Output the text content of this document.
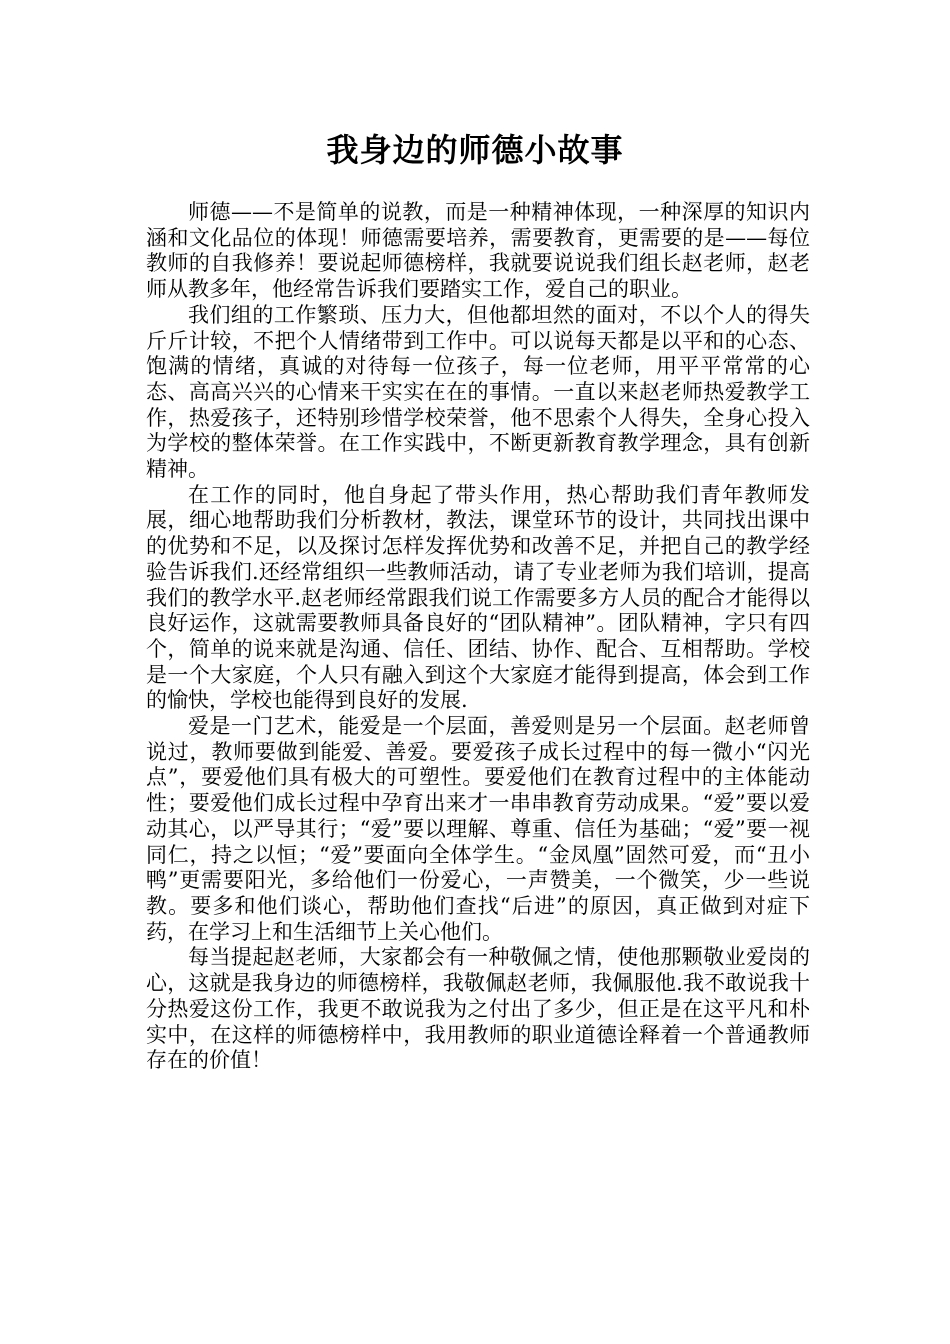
我身边的师德小故事

师德——不是简单的说教，而是一种精神体现，一种深厚的知识内涵和文化品位的体现！师德需要培养，需要教育，更需要的是——每位教师的自我修养！要说起师德榜样，我就要说说我们组长赵老师，赵老师从教多年，他经常告诉我们要踏实工作，爱自己的职业。

我们组的工作繁琐、压力大，但他都坦然的面对，不以个人的得失斤斤计较，不把个人情绪带到工作中。可以说每天都是以平和的心态、饱满的情绪，真诚的对待每一位孩子，每一位老师，用平平常常的心态、高高兴兴的心情来干实实在在的事情。一直以来赵老师热爱教学工作，热爱孩子，还特别珍惜学校荣誉，他不思索个人得失，全身心投入为学校的整体荣誉。在工作实践中，不断更新教育教学理念，具有创新精神。

在工作的同时，他自身起了带头作用，热心帮助我们青年教师发展，细心地帮助我们分析教材，教法，课堂环节的设计，共同找出课中的优势和不足，以及探讨怎样发挥优势和改善不足，并把自己的教学经验告诉我们.还经常组织一些教师活动，请了专业老师为我们培训，提高我们的教学水平.赵老师经常跟我们说工作需要多方人员的配合才能得以良好运作，这就需要教师具备良好的“团队精神”。团队精神，字只有四个，简单的说来就是沟通、信任、团结、协作、配合、互相帮助。学校是一个大家庭，个人只有融入到这个大家庭才能得到提高，体会到工作的愉快，学校也能得到良好的发展.

爱是一门艺术，能爱是一个层面，善爱则是另一个层面。赵老师曾说过，教师要做到能爱、善爱。要爱孩子成长过程中的每一微小“闪光点”，要爱他们具有极大的可塑性。要爱他们在教育过程中的主体能动性；要爱他们成长过程中孕育出来才一串串教育劳动成果。“爱”要以爱动其心，以严导其行；“爱”要以理解、尊重、信任为基础；“爱”要一视同仁，持之以恒；“爱”要面向全体学生。“金凤凰”固然可爱，而“丑小鸭”更需要阳光，多给他们一份爱心，一声赞美，一个微笑，少一些说教。要多和他们谈心，帮助他们查找“后进”的原因，真正做到对症下药，在学习上和生活细节上关心他们。

每当提起赵老师，大家都会有一种敬佩之情，使他那颗敬业爱岗的心，这就是我身边的师德榜样，我敬佩赵老师，我佩服他.我不敢说我十分热爱这份工作，我更不敢说我为之付出了多少，但正是在这平凡和朴实中，在这样的师德榜样中，我用教师的职业道德诠释着一个普通教师存在的价值！
